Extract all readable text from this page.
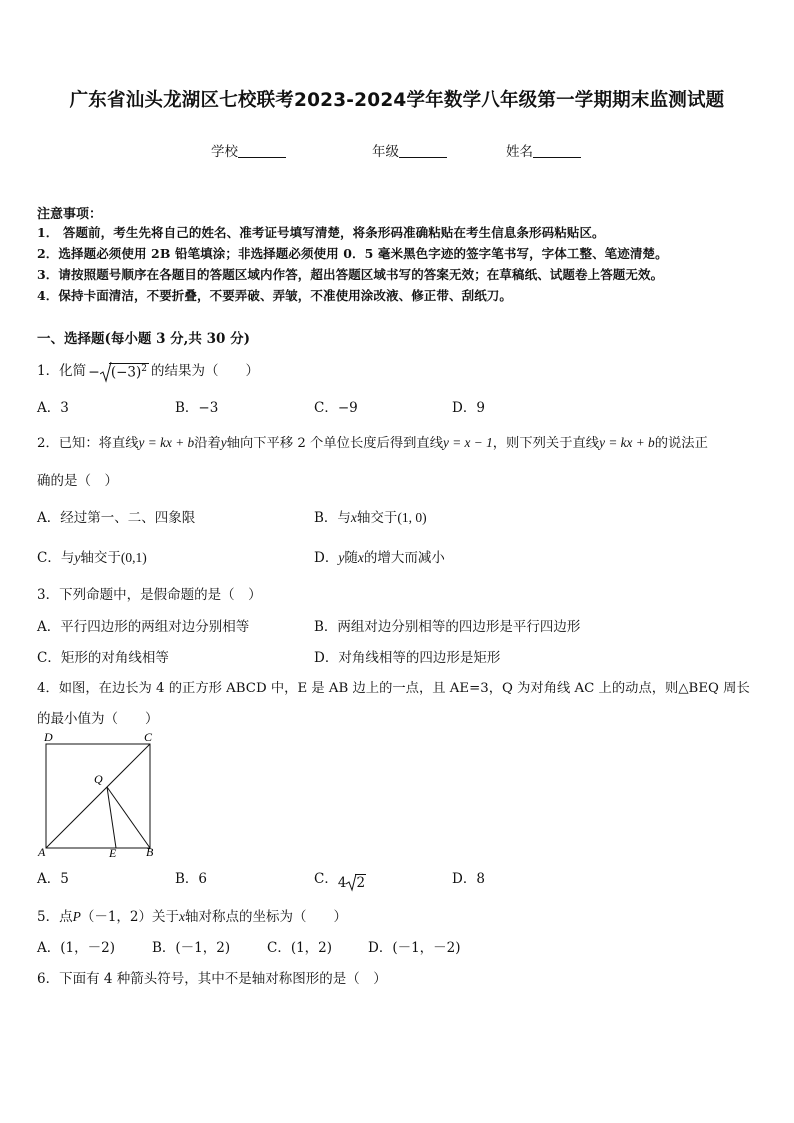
广东省汕头龙湖区七校联考2023-2024学年数学八年级第一学期期末监测试题
学校	年级	姓名
注意事项：
1． 答题前，考生先将自己的姓名、准考证号填写清楚，将条形码准确粘贴在考生信息条形码粘贴区。
2．选择题必须使用 2B 铅笔填涂；非选择题必须使用 0．5 毫米黑色字迹的签字笔书写，字体工整、笔迹清楚。
3．请按照题号顺序在各题目的答题区域内作答，超出答题区域书写的答案无效；在草稿纸、试题卷上答题无效。
4．保持卡面清洁，不要折叠，不要弄破、弄皱，不准使用涂改液、修正带、刮纸刀。
一、选择题(每小题 3 分,共 30 分)
1．化简 − $(-3)^2$ 的结果为（　　）
A．3	B．−3	C．−9	D．9
2．已知：将直线y = kx + b沿着y轴向下平移 2 个单位长度后得到直线y = x − 1，则下列关于直线y = kx + b的说法正
确的是（　）
A．经过第一、二、四象限	B．与x轴交于(1, 0)
C．与y轴交于(0,1)	D．y随x的增大而减小
3．下列命题中，是假命题的是（　）
A．平行四边形的两组对边分别相等	B．两组对边分别相等的四边形是平行四边形
C．矩形的对角线相等	D．对角线相等的四边形是矩形
4．如图，在边长为 4 的正方形 ABCD 中，E 是 AB 边上的一点，且 AE=3，Q 为对角线 AC 上的动点，则△BEQ 周长
的最小值为（　　）
D	C
A	B
E
Q
A．5	B．6	C．4 2	D．8
5．点P（－1，2）关于x轴对称点的坐标为（　　）
A．(1，－2)	B．(－1，2)	C．(1，2)	D．(－1，－2)
6．下面有 4 种箭头符号，其中不是轴对称图形的是（　）
